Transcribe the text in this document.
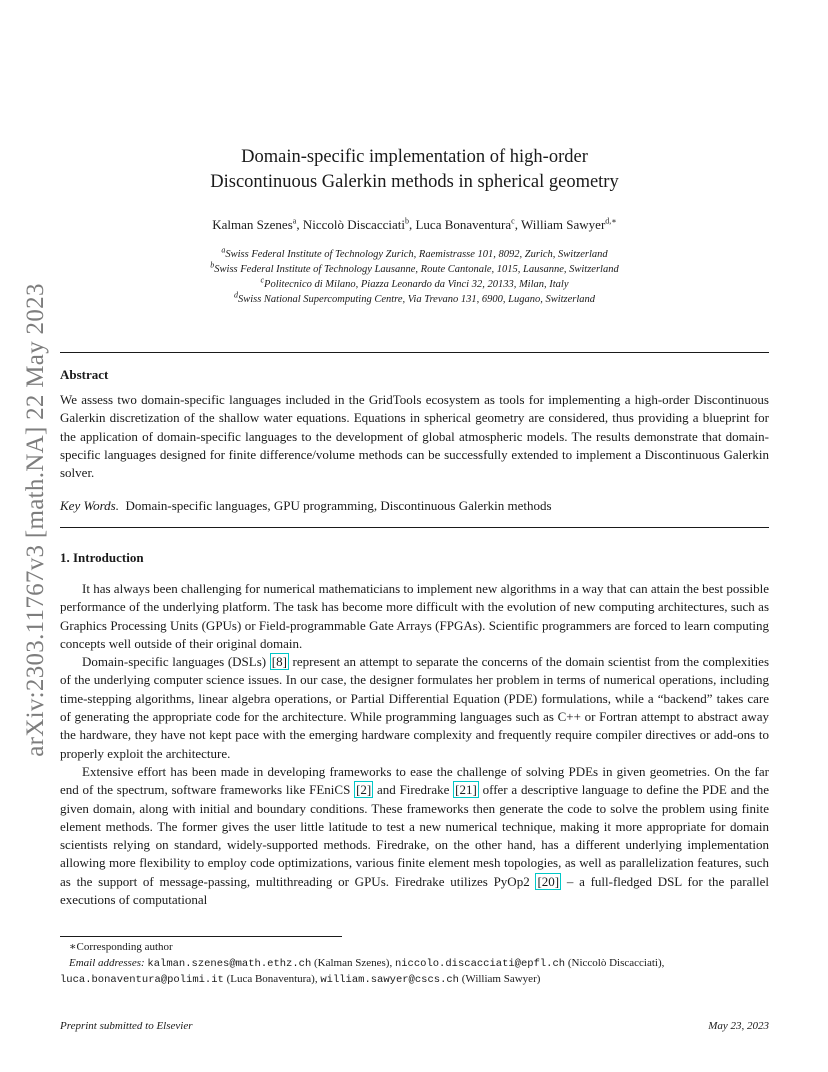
arXiv:2303.11767v3 [math.NA] 22 May 2023
Domain-specific implementation of high-order
Discontinuous Galerkin methods in spherical geometry
Kalman Szenes$^a$, Niccolò Discacciati$^b$, Luca Bonaventura$^c$, William Sawyer$^{d,∗}$
$^a$Swiss Federal Institute of Technology Zurich, Raemistrasse 101, 8092, Zurich, Switzerland
$^b$Swiss Federal Institute of Technology Lausanne, Route Cantonale, 1015, Lausanne, Switzerland
$^c$Politecnico di Milano, Piazza Leonardo da Vinci 32, 20133, Milan, Italy
$^d$Swiss National Supercomputing Centre, Via Trevano 131, 6900, Lugano, Switzerland
Abstract
We assess two domain-specific languages included in the GridTools ecosystem as tools for implementing a high-order Discontinuous Galerkin discretization of the shallow water equations. Equations in spherical geometry are considered, thus providing a blueprint for the application of domain-specific languages to the development of global atmospheric models. The results demonstrate that domain-specific languages designed for finite difference/volume methods can be successfully extended to implement a Discontinuous Galerkin solver.
Key Words. Domain-specific languages, GPU programming, Discontinuous Galerkin methods
1. Introduction

It has always been challenging for numerical mathematicians to implement new algorithms in a way that can attain the best possible performance of the underlying platform. The task has become more difficult with the evolution of new computing architectures, such as Graphics Processing Units (GPUs) or Field-programmable Gate Arrays (FPGAs). Scientific programmers are forced to learn computing concepts well outside of their original domain.

Domain-specific languages (DSLs) [8] represent an attempt to separate the concerns of the domain scientist from the complexities of the underlying computer science issues. In our case, the designer formulates her problem in terms of numerical operations, including time-stepping algorithms, linear algebra operations, or Partial Differential Equation (PDE) formulations, while a “backend” takes care of generating the appropriate code for the architecture. While programming languages such as C++ or Fortran attempt to abstract away the hardware, they have not kept pace with the emerging hardware complexity and frequently require compiler directives or add-ons to properly exploit the architecture.

Extensive effort has been made in developing frameworks to ease the challenge of solving PDEs in given geometries. On the far end of the spectrum, software frameworks like FEniCS [2] and Firedrake [21] offer a descriptive language to define the PDE and the given domain, along with initial and boundary conditions. These frameworks then generate the code to solve the problem using finite element methods. The former gives the user little latitude to test a new numerical technique, making it more appropriate for domain scientists relying on standard, widely-supported methods. Firedrake, on the other hand, has a different underlying implementation allowing more flexibility to employ code optimizations, various finite element mesh topologies, as well as parallelization features, such as the support of message-passing, multithreading or GPUs. Firedrake utilizes PyOp2 [20] – a full-fledged DSL for the parallel executions of computational

∗Corresponding author
Email addresses: kalman.szenes@math.ethz.ch (Kalman Szenes), niccolo.discacciati@epfl.ch (Niccolò Discacciati), luca.bonaventura@polimi.it (Luca Bonaventura), william.sawyer@cscs.ch (William Sawyer)
Preprint submitted to Elsevier	May 23, 2023
